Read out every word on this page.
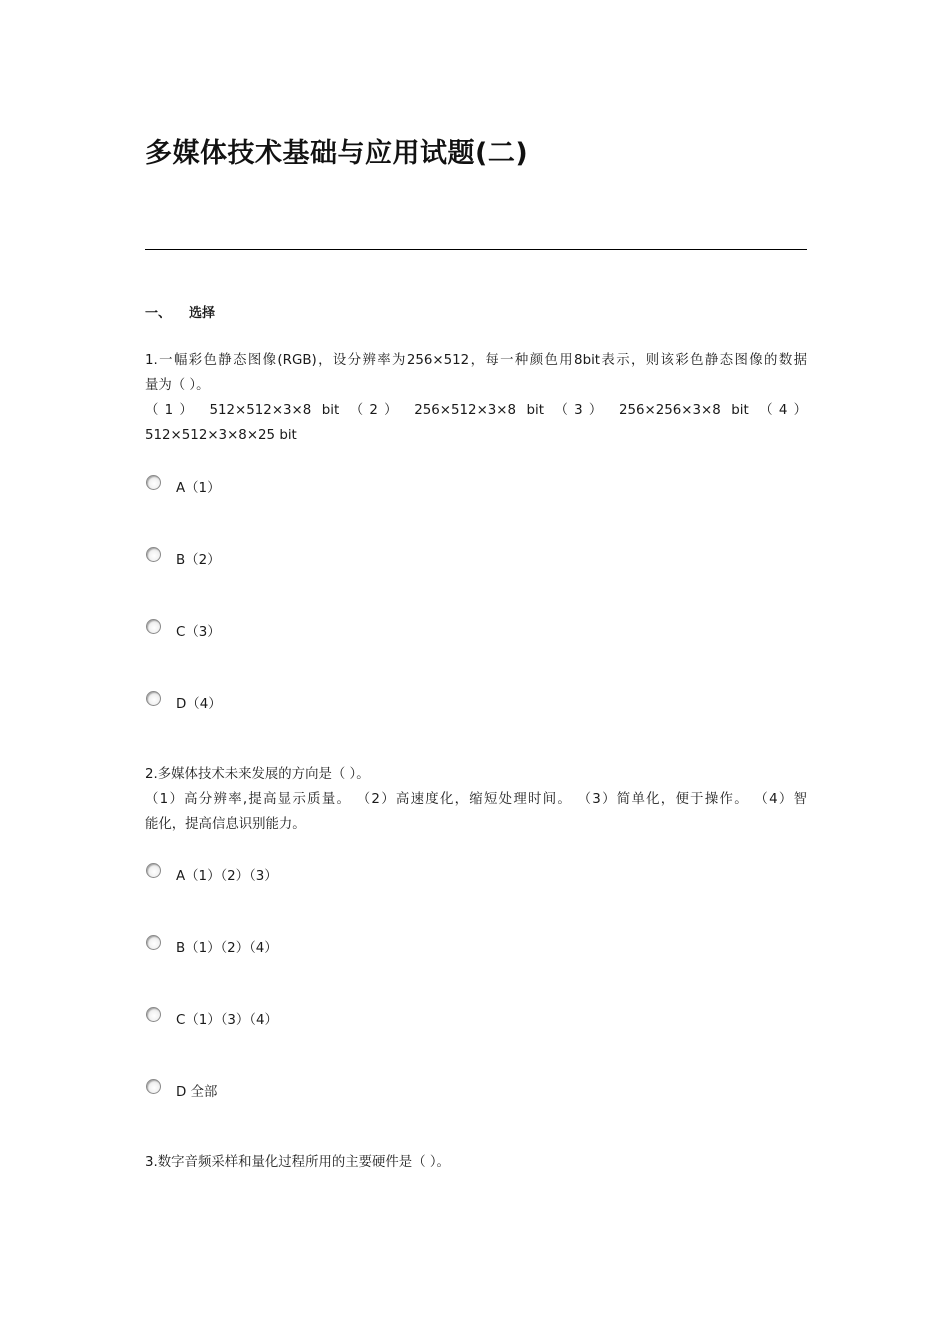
多媒体技术基础与应用试题(二)
一、 选择

1.一幅彩色静态图像(RGB)，设分辨率为256×512，每一种颜色用8bit表示，则该彩色静态图像的数据

量为（ ）。

（1） 512×512×3×8 bit （2） 256×512×3×8 bit （3） 256×256×3×8 bit （4）

512×512×3×8×25 bit

A（1）
B（2）
C（3）
D（4）

2.多媒体技术未来发展的方向是（ ）。

（1）高分辨率,提高显示质量。 （2）高速度化，缩短处理时间。 （3）简单化，便于操作。 （4）智

能化，提高信息识别能力。

A（1）（2）（3）
B（1）（2）（4）
C（1）（3）（4）
D 全部

3.数字音频采样和量化过程所用的主要硬件是（ ）。
